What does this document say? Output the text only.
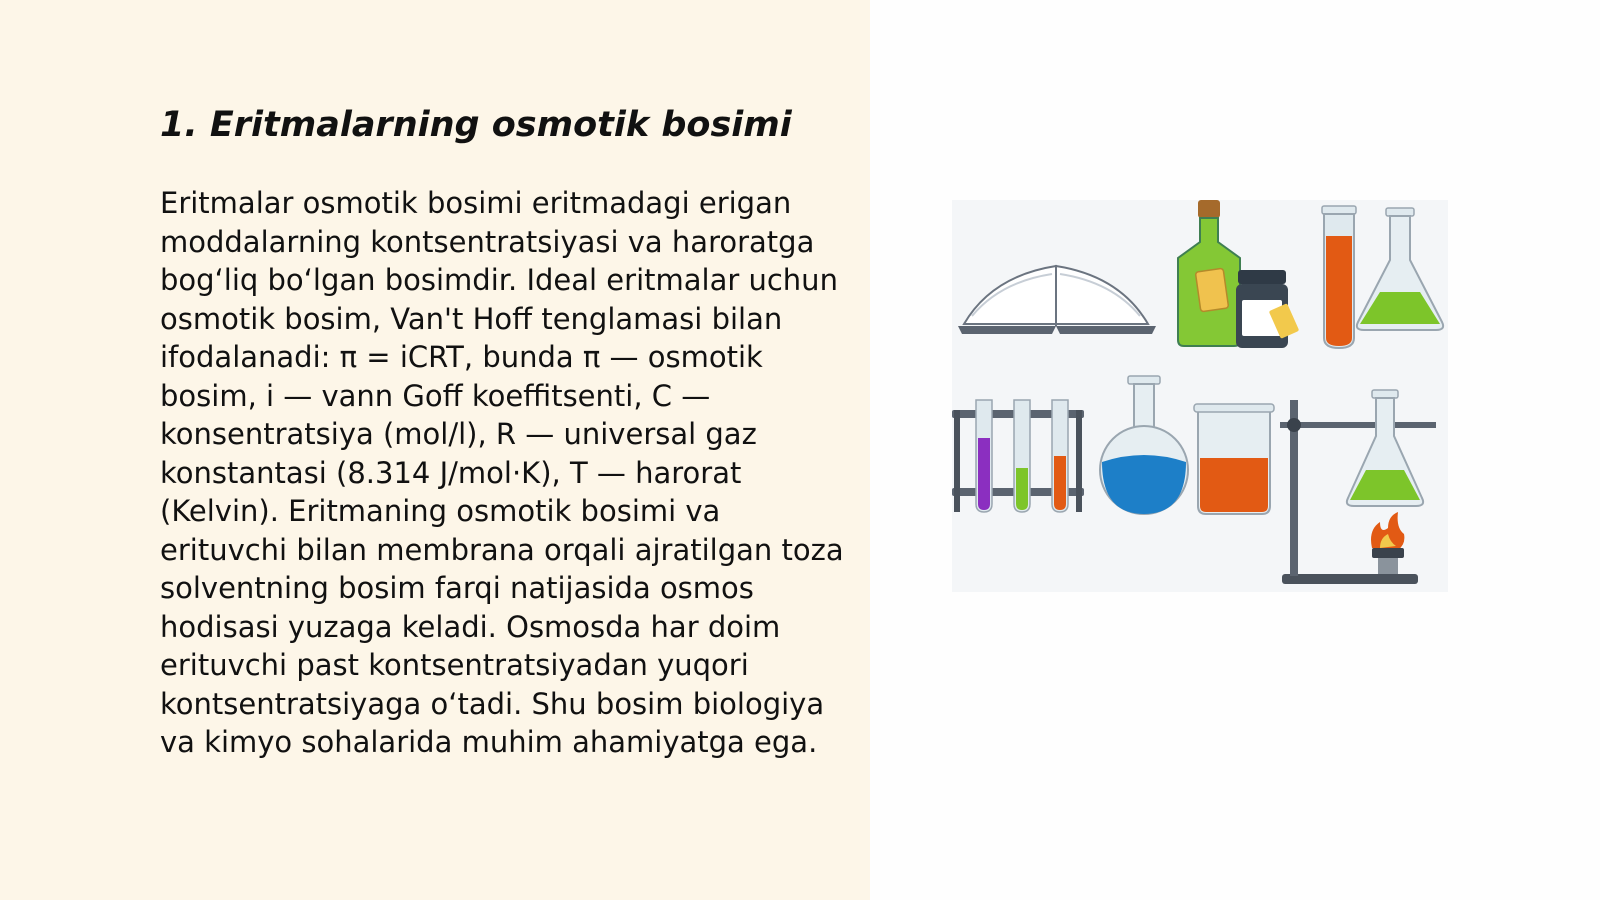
1. Eritmalarning osmotik bosimi

Eritmalar osmotik bosimi eritmadagi erigan moddalarning kontsentratsiyasi va haroratga bog‘liq bo‘lgan bosimdir. Ideal eritmalar uchun osmotik bosim, Van't Hoff tenglamasi bilan ifodalanadi: π = iCRT, bunda π — osmotik bosim, i — vann Goff koeffitsenti, C — konsentratsiya (mol/l), R — universal gaz konstantasi (8.314 J/mol·K), T — harorat (Kelvin). Eritmaning osmotik bosimi va erituvchi bilan membrana orqali ajratilgan toza solventning bosim farqi natijasida osmos hodisasi yuzaga keladi. Osmosda har doim erituvchi past kontsentratsiyadan yuqori kontsentratsiyaga o‘tadi. Shu bosim biologiya va kimyo sohalarida muhim ahamiyatga ega.
